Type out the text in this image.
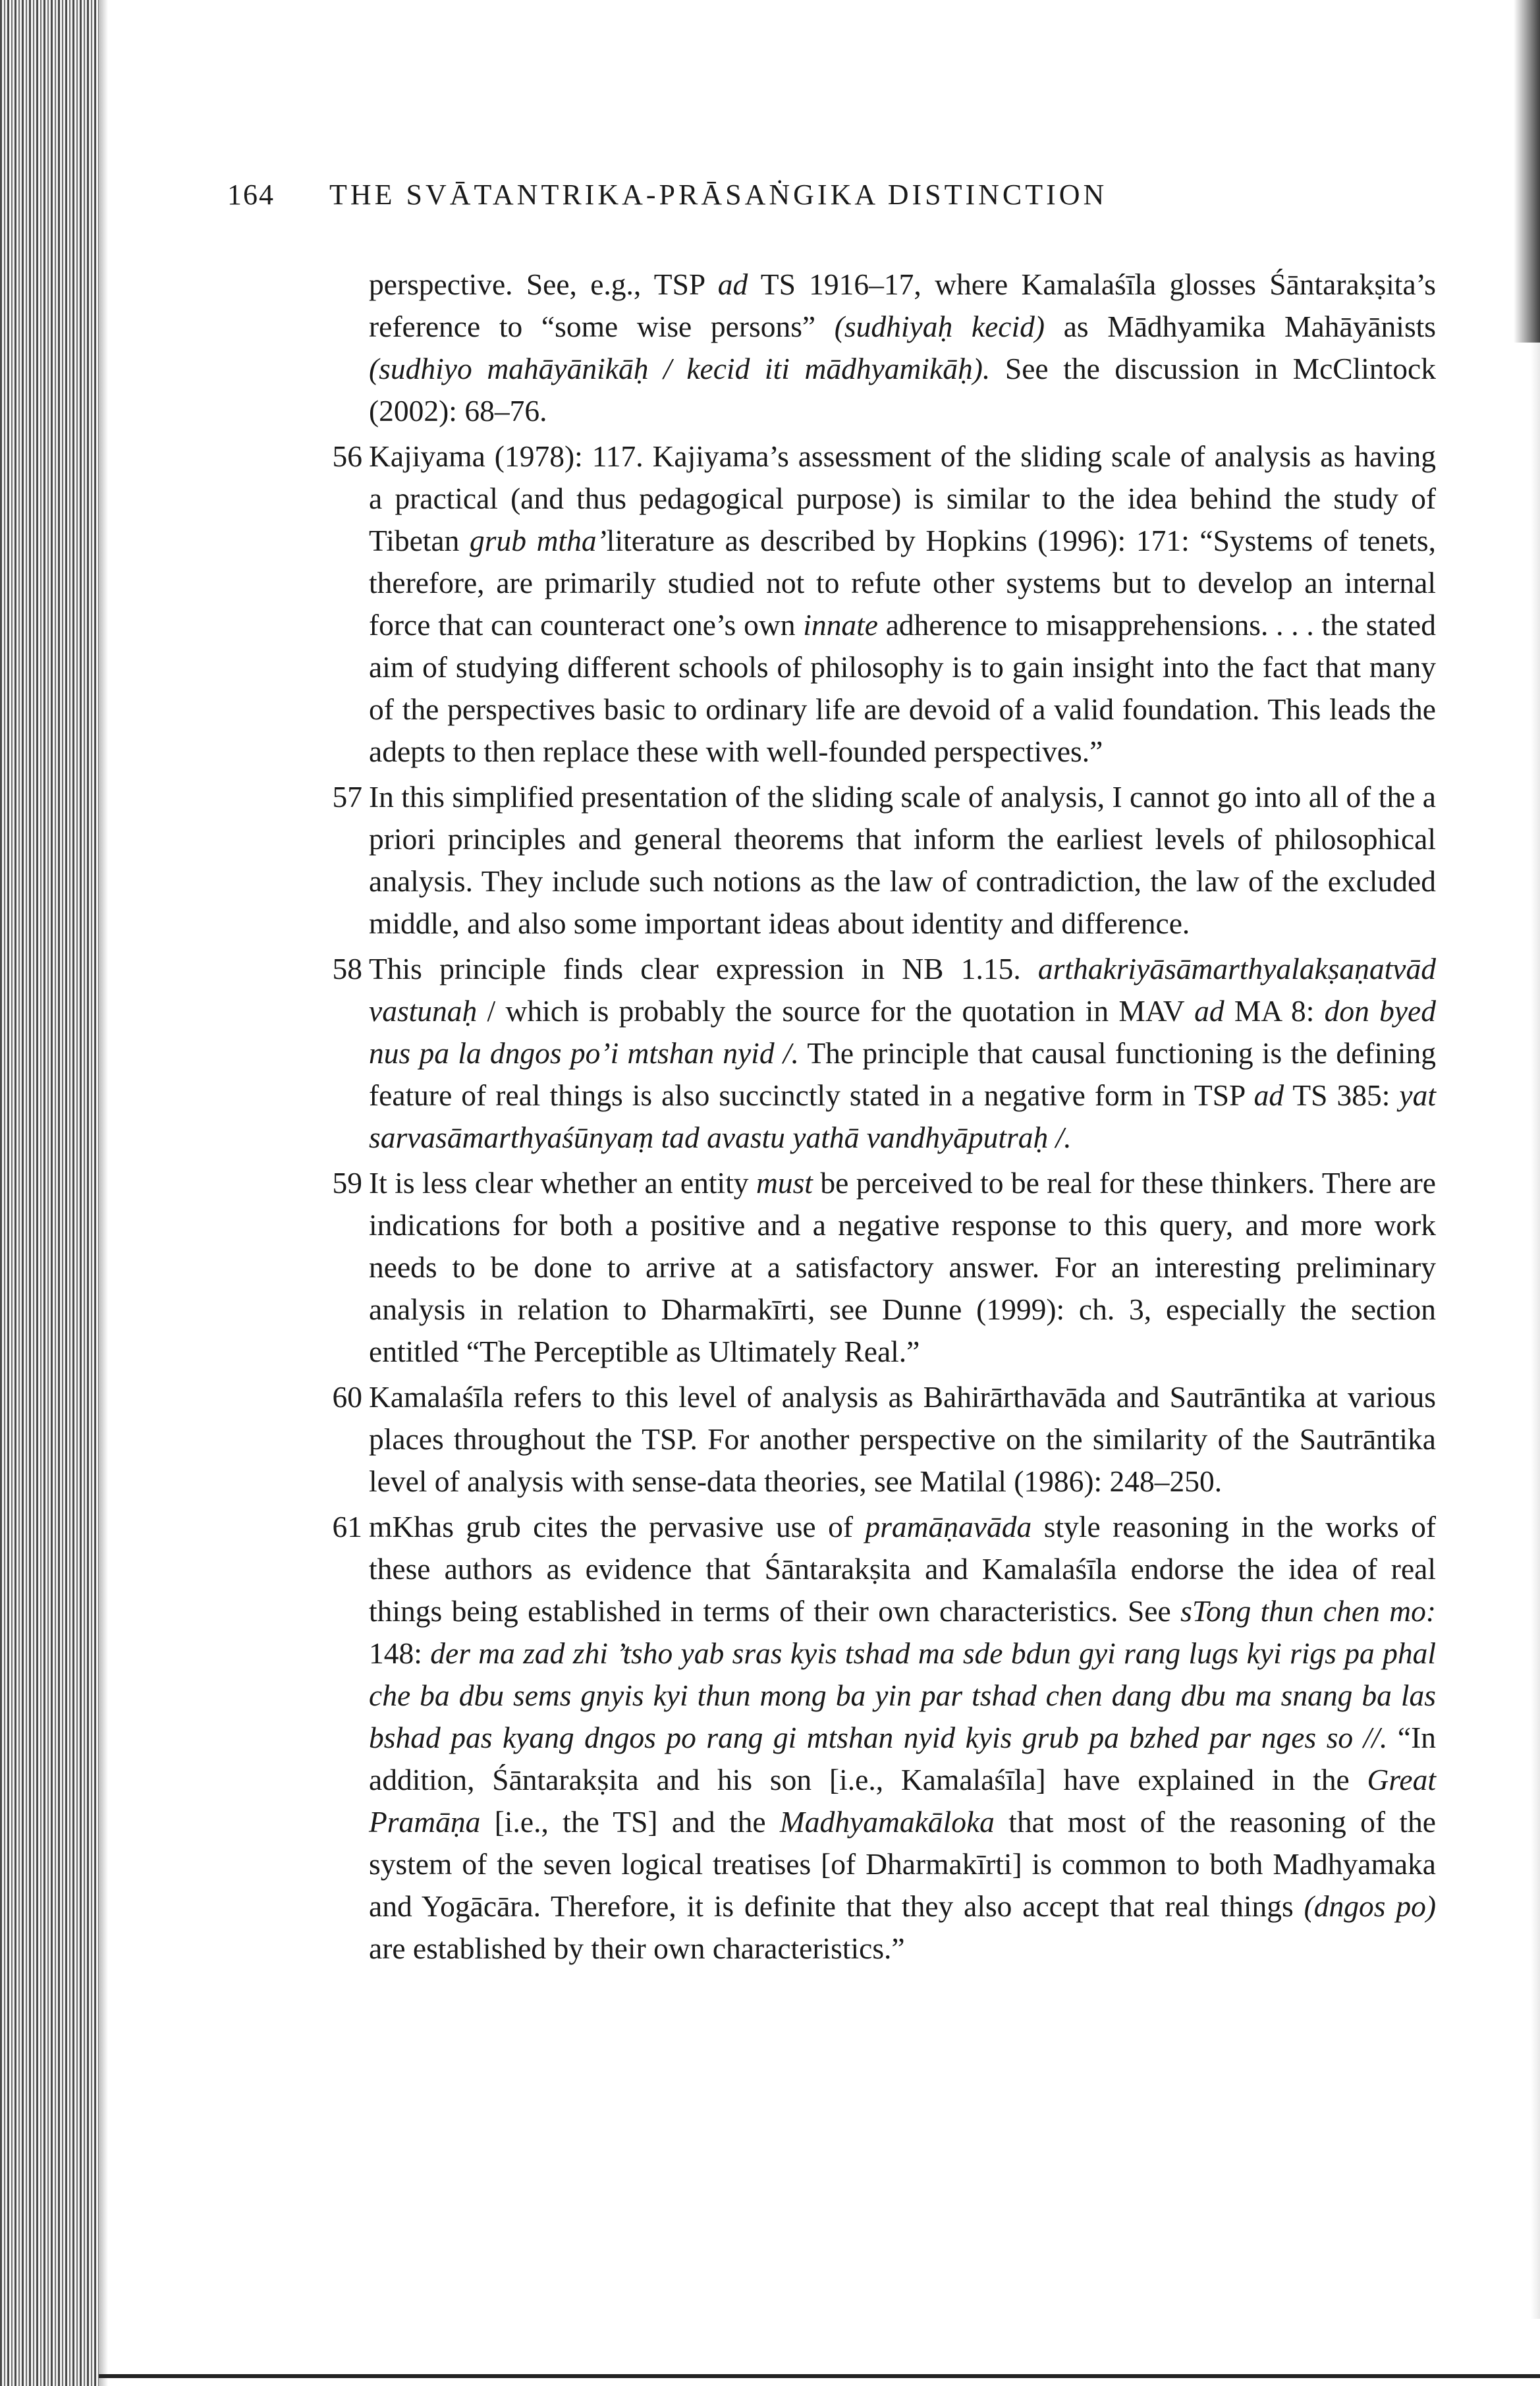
164 THE SVĀTANTRIKA-PRĀSAṄGIKA DISTINCTION

perspective. See, e.g., TSP ad TS 1916–17, where Kamalaśīla glosses Śāntarakṣita’s reference to “some wise persons” (sudhiyaḥ kecid) as Mādhyamika Mahāyānists (sudhiyo mahāyānikāḥ / kecid iti mādhyamikāḥ). See the discussion in McClintock (2002): 68–76.

56 Kajiyama (1978): 117. Kajiyama’s assessment of the sliding scale of analysis as having a practical (and thus pedagogical purpose) is similar to the idea behind the study of Tibetan grub mtha’literature as described by Hopkins (1996): 171: “Systems of tenets, therefore, are primarily studied not to refute other systems but to develop an internal force that can counteract one’s own innate adherence to misapprehensions. . . . the stated aim of studying different schools of philosophy is to gain insight into the fact that many of the perspectives basic to ordinary life are devoid of a valid foundation. This leads the adepts to then replace these with well-founded perspectives.”

57 In this simplified presentation of the sliding scale of analysis, I cannot go into all of the a priori principles and general theorems that inform the earliest levels of philosophical analysis. They include such notions as the law of contradiction, the law of the excluded middle, and also some important ideas about identity and difference.

58 This principle finds clear expression in NB 1.15. arthakriyāsāmarthyalakṣaṇatvād vastunaḥ / which is probably the source for the quotation in MAV ad MA 8: don byed nus pa la dngos po’i mtshan nyid /. The principle that causal functioning is the defining feature of real things is also succinctly stated in a negative form in TSP ad TS 385: yat sarvasāmarthyaśūnyaṃ tad avastu yathā vandhyāputraḥ /.

59 It is less clear whether an entity must be perceived to be real for these thinkers. There are indications for both a positive and a negative response to this query, and more work needs to be done to arrive at a satisfactory answer. For an interesting preliminary analysis in relation to Dharmakīrti, see Dunne (1999): ch. 3, especially the section entitled “The Perceptible as Ultimately Real.”

60 Kamalaśīla refers to this level of analysis as Bahirārthavāda and Sautrāntika at various places throughout the TSP. For another perspective on the similarity of the Sautrāntika level of analysis with sense-data theories, see Matilal (1986): 248–250.

61 mKhas grub cites the pervasive use of pramāṇavāda style reasoning in the works of these authors as evidence that Śāntarakṣita and Kamalaśīla endorse the idea of real things being established in terms of their own characteristics. See sTong thun chen mo: 148: der ma zad zhi ’tsho yab sras kyis tshad ma sde bdun gyi rang lugs kyi rigs pa phal che ba dbu sems gnyis kyi thun mong ba yin par tshad chen dang dbu ma snang ba las bshad pas kyang dngos po rang gi mtshan nyid kyis grub pa bzhed par nges so //. “In addition, Śāntarakṣita and his son [i.e., Kamalaśīla] have explained in the Great Pramāṇa [i.e., the TS] and the Madhyamakāloka that most of the reasoning of the system of the seven logical treatises [of Dharmakīrti] is common to both Madhyamaka and Yogācāra. Therefore, it is definite that they also accept that real things (dngos po) are established by their own characteristics.”
